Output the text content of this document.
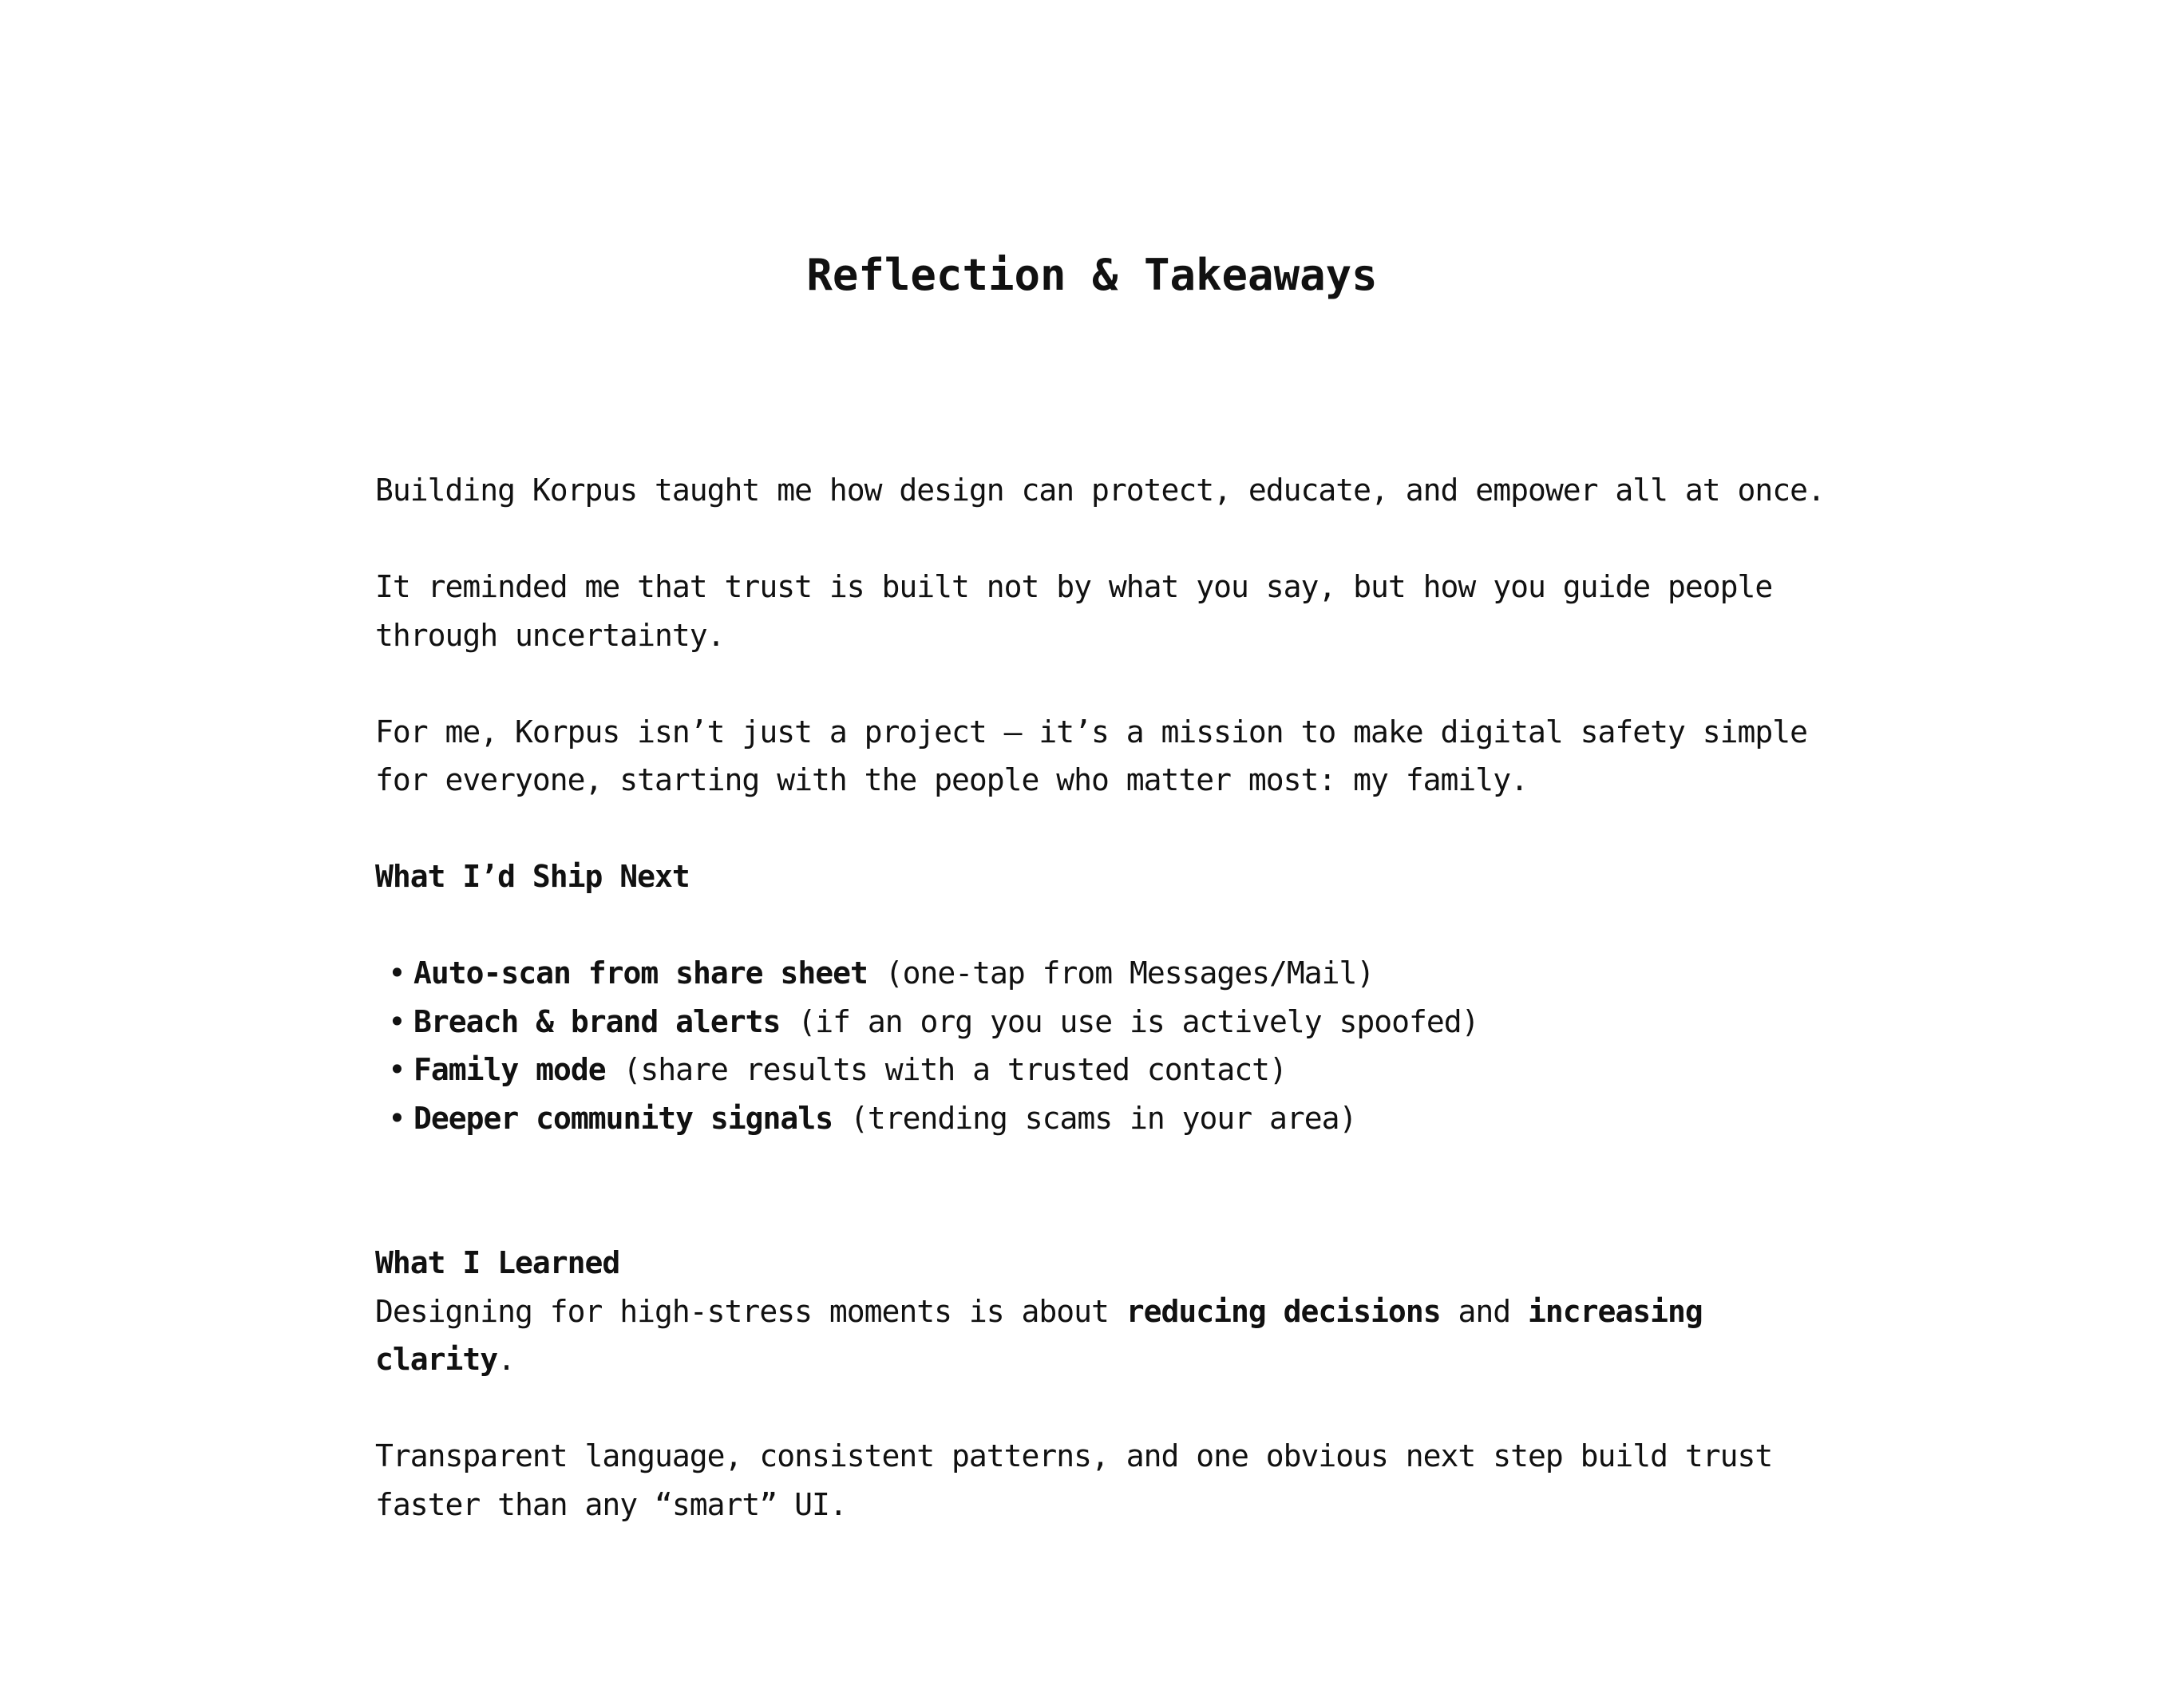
Reflection & Takeaways

Building Korpus taught me how design can protect, educate, and empower all at once.

It reminded me that trust is built not by what you say, but how you guide people through uncertainty.

For me, Korpus isn’t just a project — it’s a mission to make digital safety simple for everyone, starting with the people who matter most: my family.

What I’d Ship Next

• Auto-scan from share sheet (one-tap from Messages/Mail)
• Breach & brand alerts (if an org you use is actively spoofed)
• Family mode (share results with a trusted contact)
• Deeper community signals (trending scams in your area)

What I Learned

Designing for high-stress moments is about reducing decisions and increasing clarity.

Transparent language, consistent patterns, and one obvious next step build trust faster than any “smart” UI.
